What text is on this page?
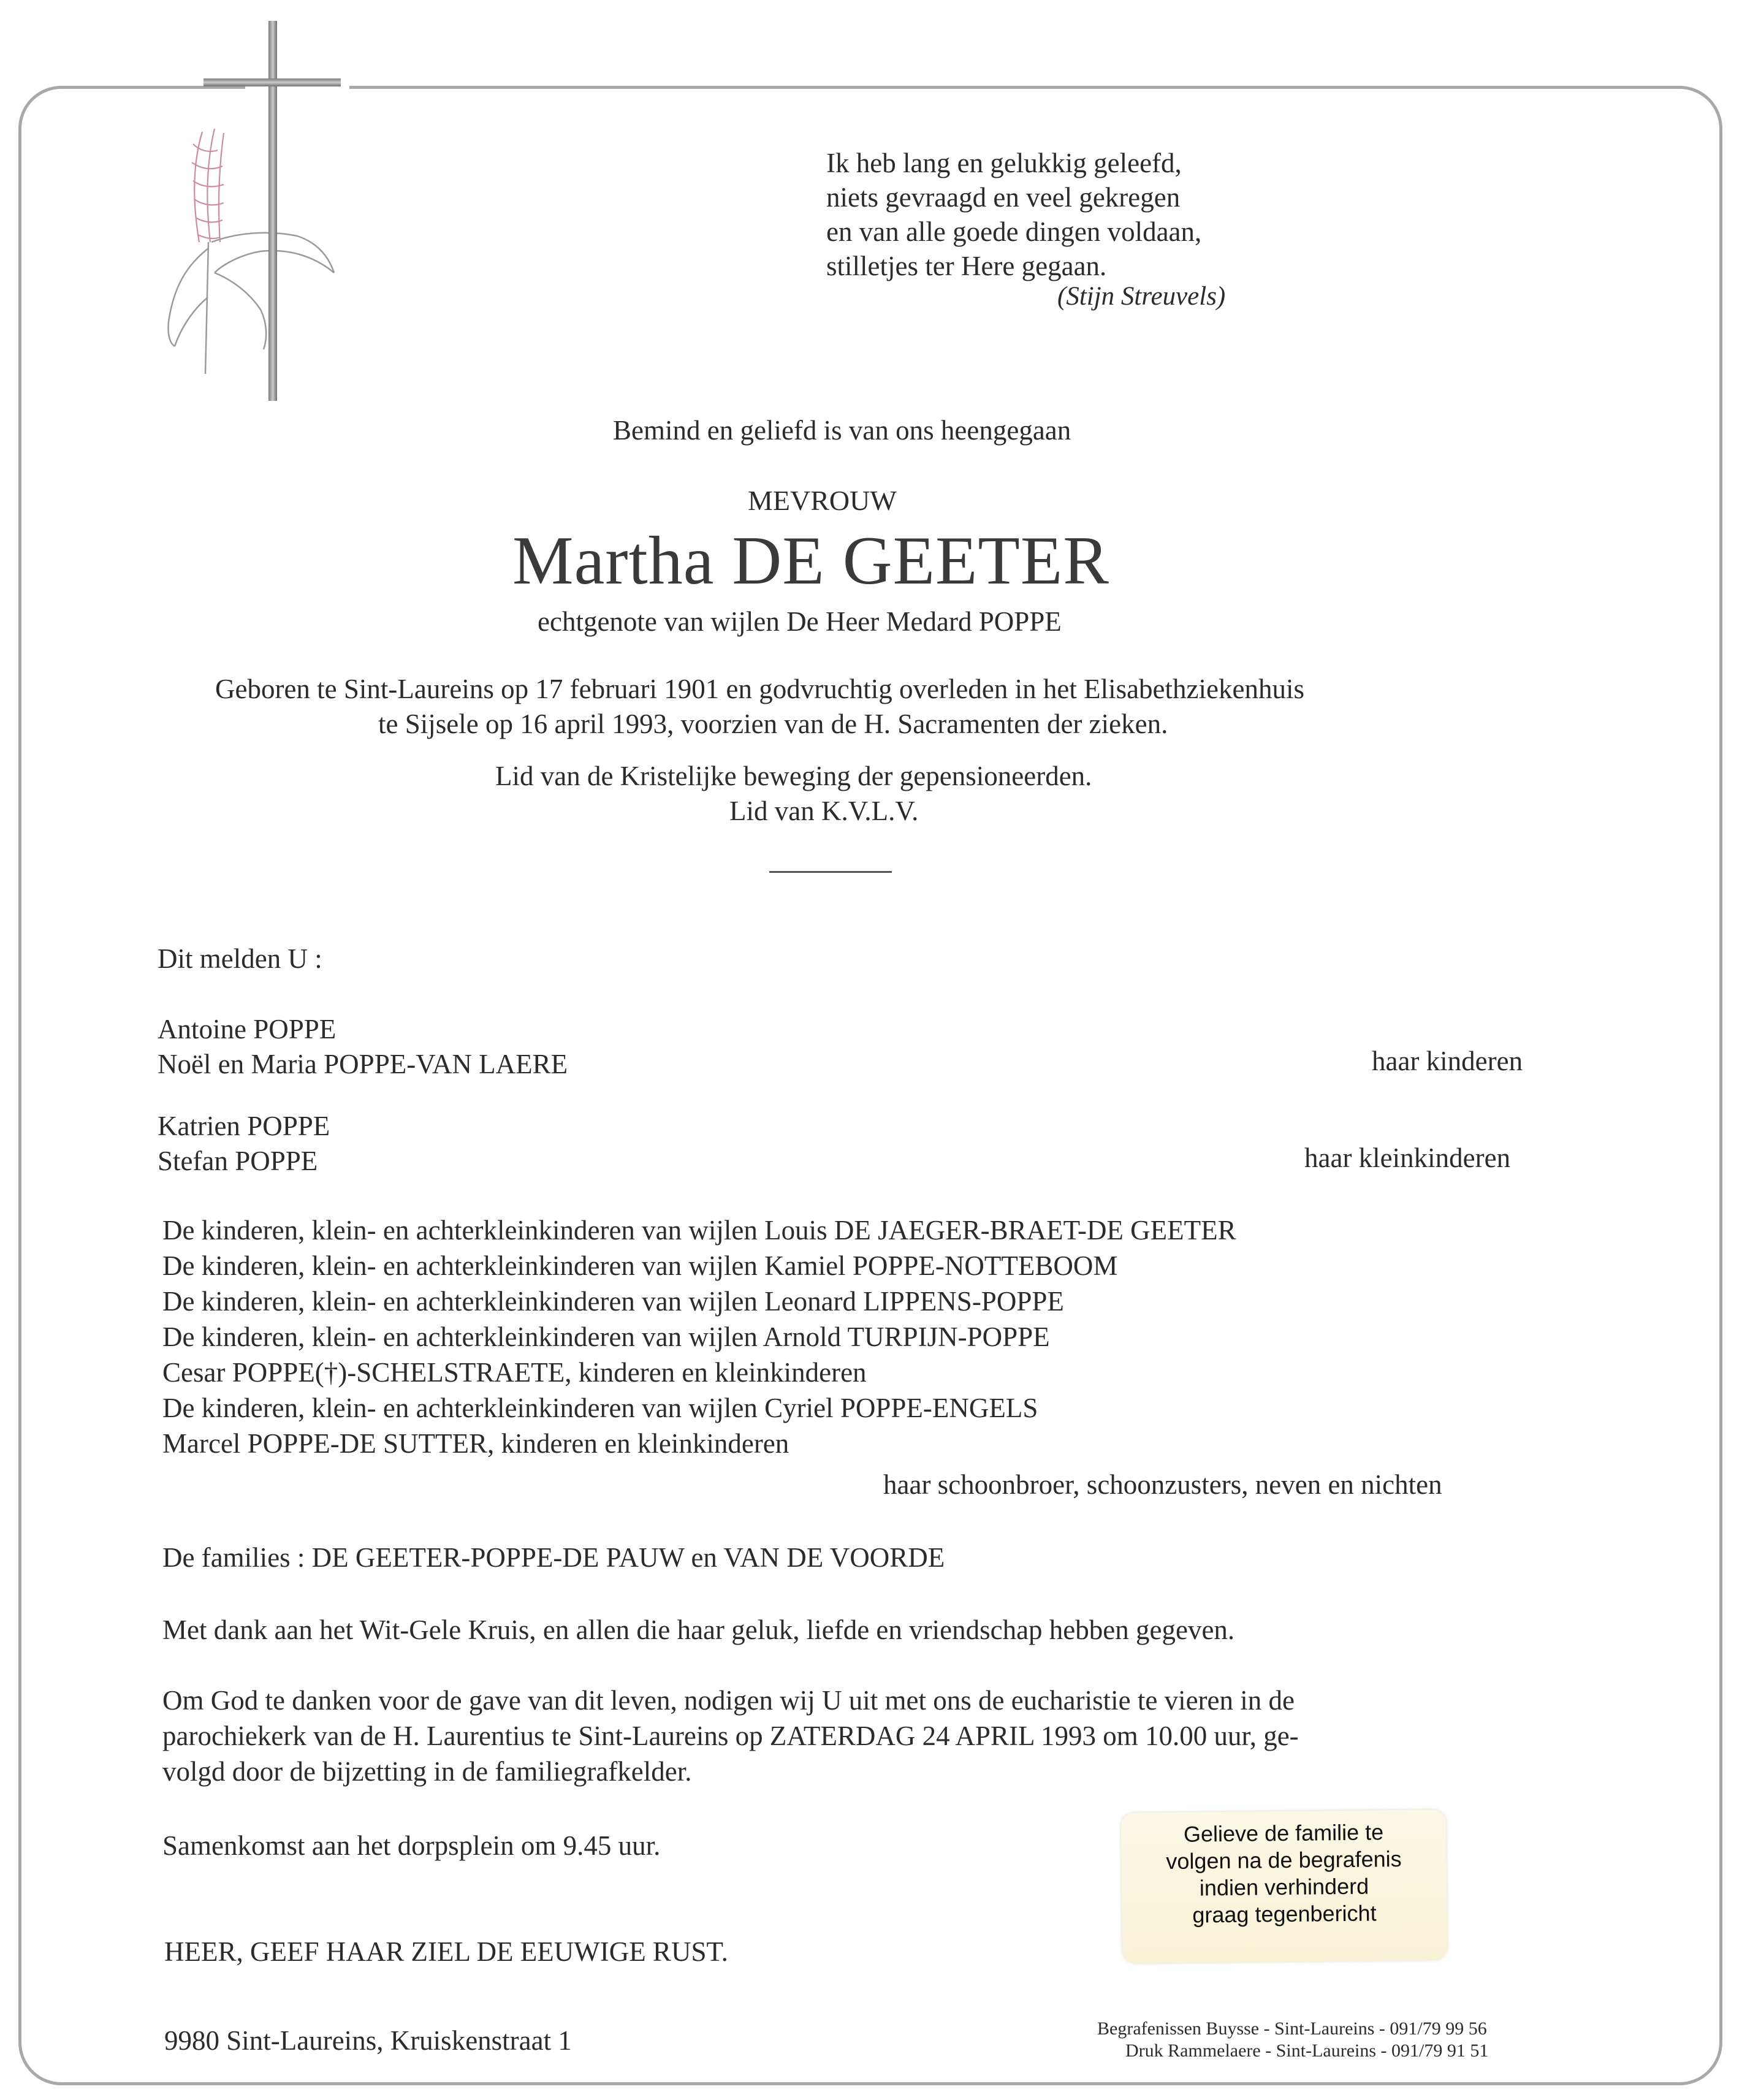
Ik heb lang en gelukkig geleefd,
niets gevraagd en veel gekregen
en van alle goede dingen voldaan,
stilletjes ter Here gegaan.
(Stijn Streuvels)
Bemind en geliefd is van ons heengegaan
MEVROUW
Martha DE GEETER
echtgenote van wijlen De Heer Medard POPPE
Geboren te Sint-Laureins op 17 februari 1901 en godvruchtig overleden in het Elisabethziekenhuis
te Sijsele op 16 april 1993, voorzien van de H. Sacramenten der zieken.
Lid van de Kristelijke beweging der gepensioneerden.
Lid van K.V.L.V.
Dit melden U :
Antoine POPPE
Noël en Maria POPPE-VAN LAERE	haar kinderen
Katrien POPPE
Stefan POPPE	haar kleinkinderen
De kinderen, klein- en achterkleinkinderen van wijlen Louis DE JAEGER-BRAET-DE GEETER
De kinderen, klein- en achterkleinkinderen van wijlen Kamiel POPPE-NOTTEBOOM
De kinderen, klein- en achterkleinkinderen van wijlen Leonard LIPPENS-POPPE
De kinderen, klein- en achterkleinkinderen van wijlen Arnold TURPIJN-POPPE
Cesar POPPE(†)-SCHELSTRAETE, kinderen en kleinkinderen
De kinderen, klein- en achterkleinkinderen van wijlen Cyriel POPPE-ENGELS
Marcel POPPE-DE SUTTER, kinderen en kleinkinderen
haar schoonbroer, schoonzusters, neven en nichten
De families : DE GEETER-POPPE-DE PAUW en VAN DE VOORDE
Met dank aan het Wit-Gele Kruis, en allen die haar geluk, liefde en vriendschap hebben gegeven.
Om God te danken voor de gave van dit leven, nodigen wij U uit met ons de eucharistie te vieren in de
parochiekerk van de H. Laurentius te Sint-Laureins op ZATERDAG 24 APRIL 1993 om 10.00 uur, ge-
volgd door de bijzetting in de familiegrafkelder.
Samenkomst aan het dorpsplein om 9.45 uur.	Gelieve de familie te
volgen na de begrafenis
indien verhinderd
graag tegenbericht
HEER, GEEF HAAR ZIEL DE EEUWIGE RUST.
9980 Sint-Laureins, Kruiskenstraat 1	Begrafenissen Buysse - Sint-Laureins - 091/79 99 56
Druk Rammelaere - Sint-Laureins - 091/79 91 51
